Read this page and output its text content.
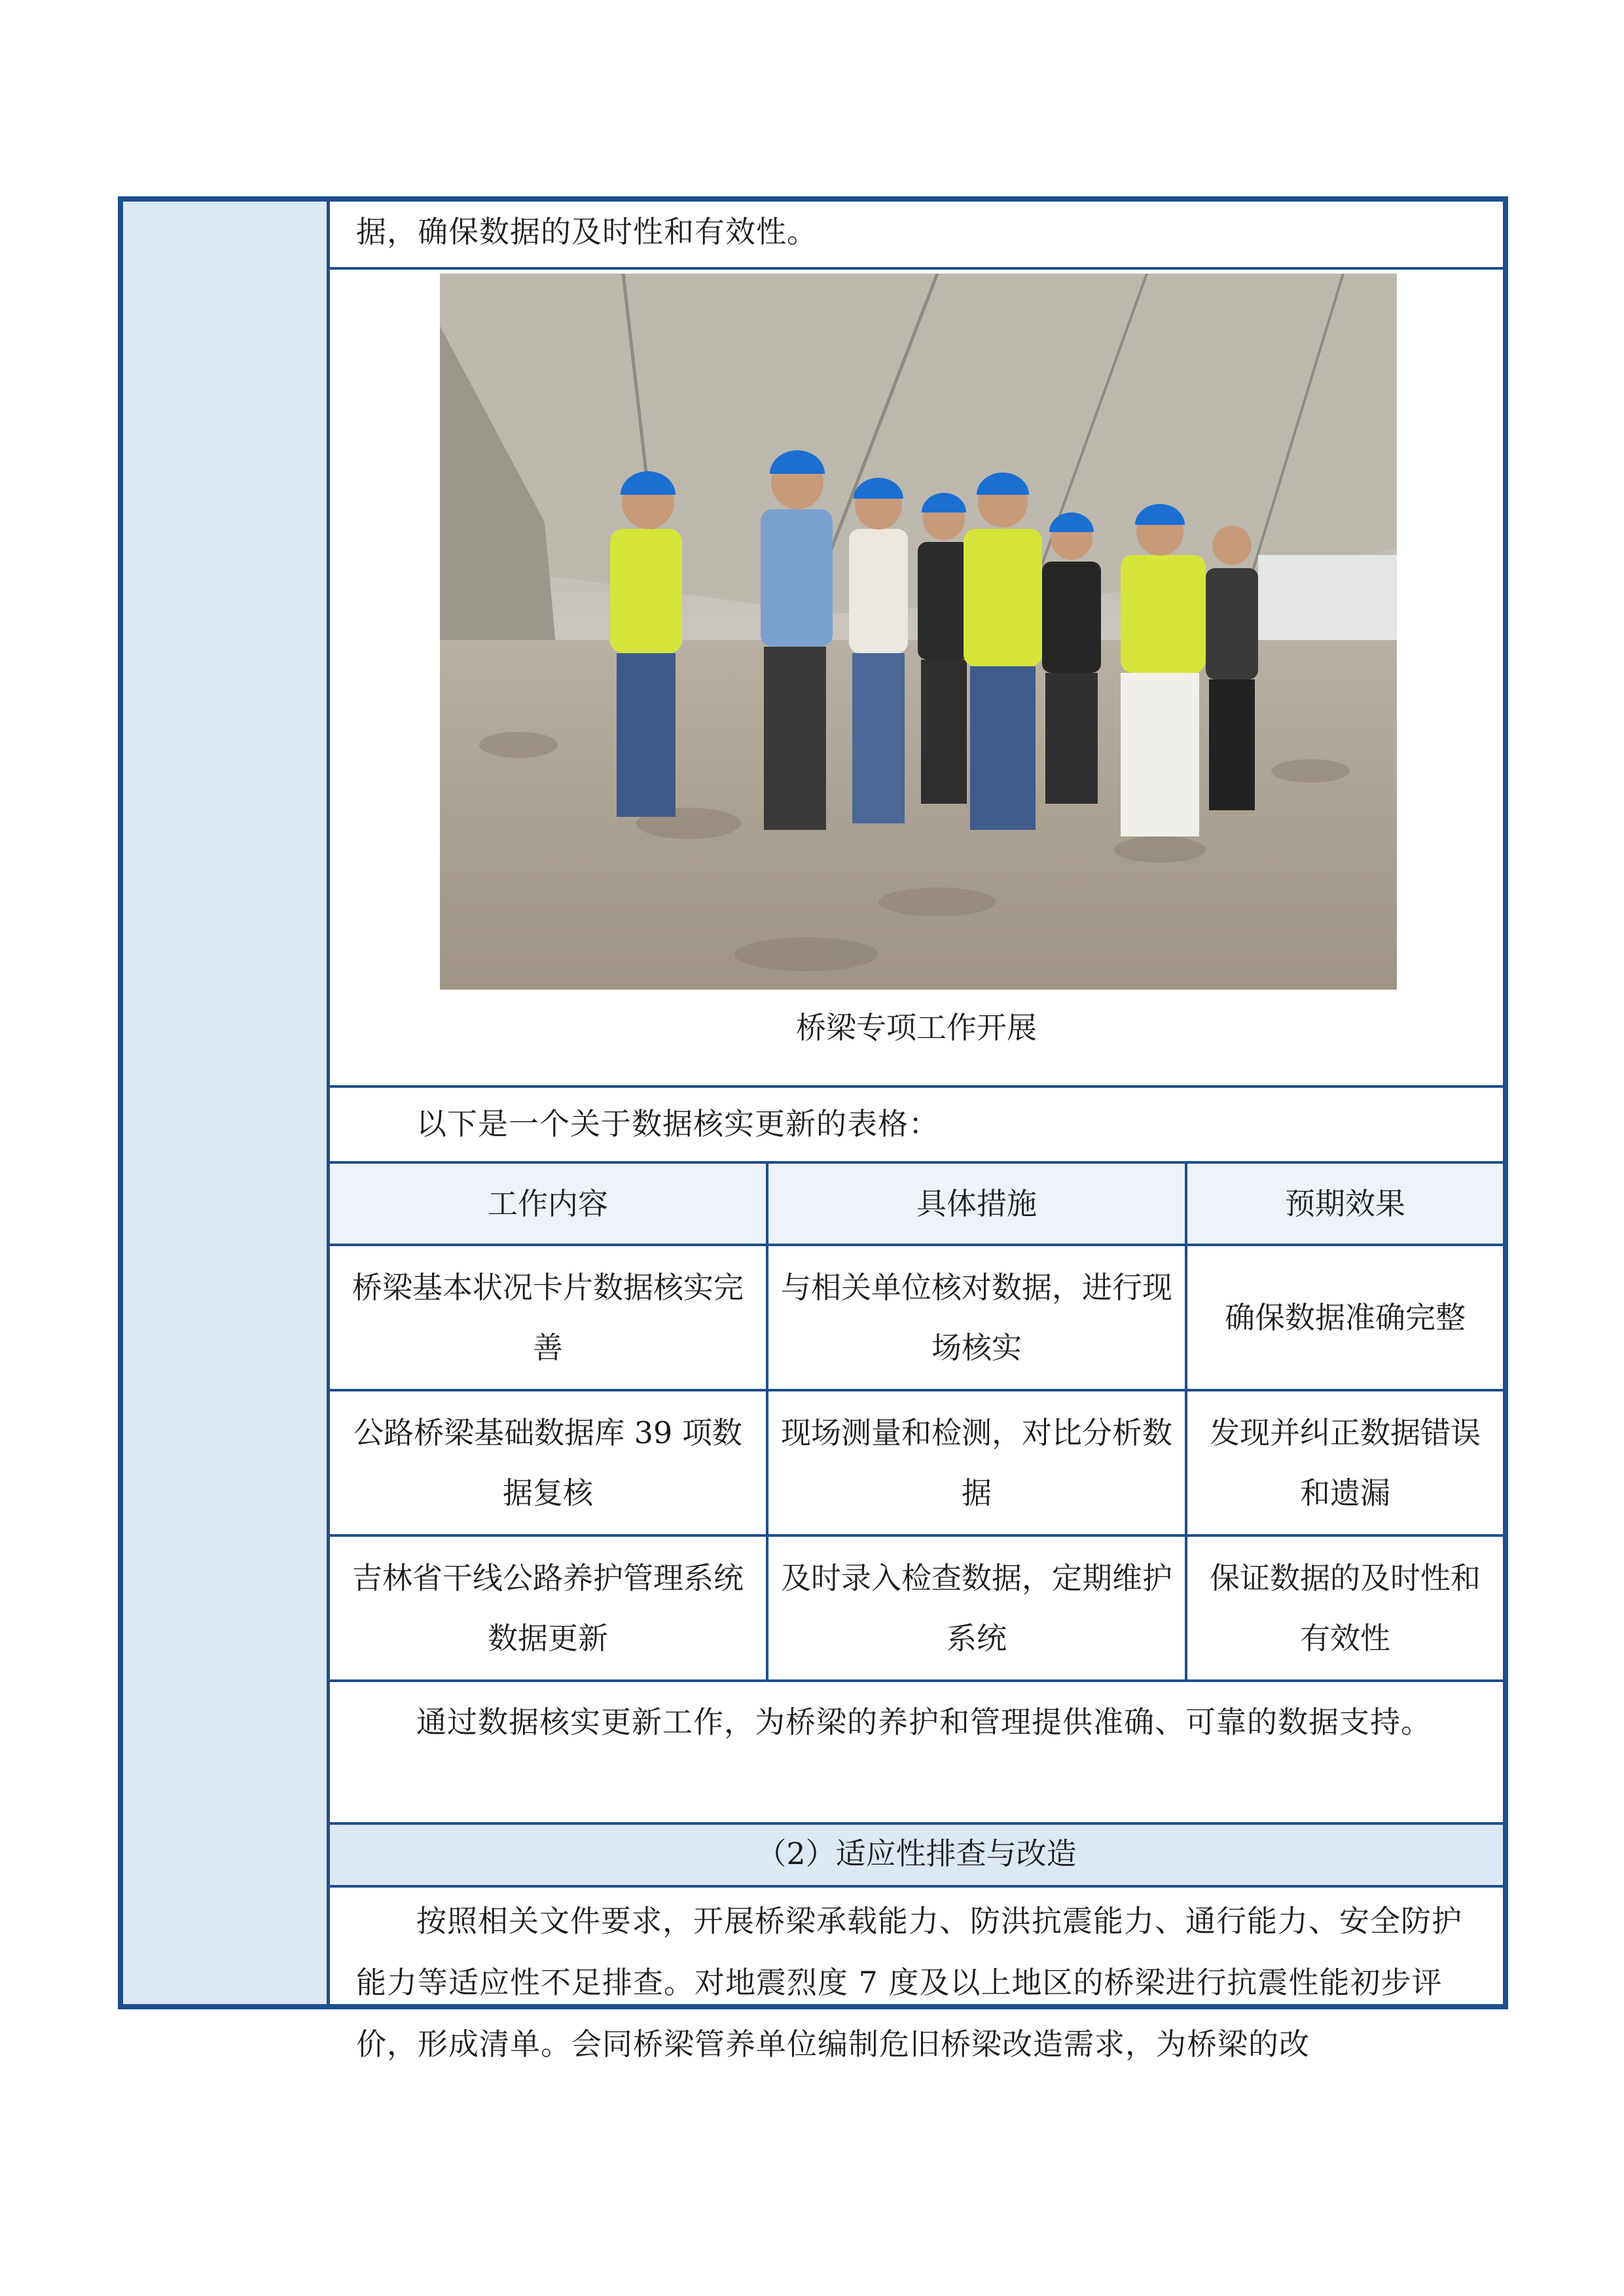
据，确保数据的及时性和有效性。
桥梁专项工作开展
以下是一个关于数据核实更新的表格：
工作内容	具体措施	预期效果
桥梁基本状况卡片数据核实完善
与相关单位核对数据，进行现场核实
确保数据准确完整
公路桥梁基础数据库 39 项数据复核
现场测量和检测，对比分析数据
发现并纠正数据错误和遗漏
吉林省干线公路养护管理系统数据更新
及时录入检查数据，定期维护系统
保证数据的及时性和有效性
通过数据核实更新工作，为桥梁的养护和管理提供准确、可靠的数据支持。
（2）适应性排查与改造
按照相关文件要求，开展桥梁承载能力、防洪抗震能力、通行能力、安全防护能力等适应性不足排查。对地震烈度 7 度及以上地区的桥梁进行抗震性能初步评价，形成清单。会同桥梁管养单位编制危旧桥梁改造需求，为桥梁的改
